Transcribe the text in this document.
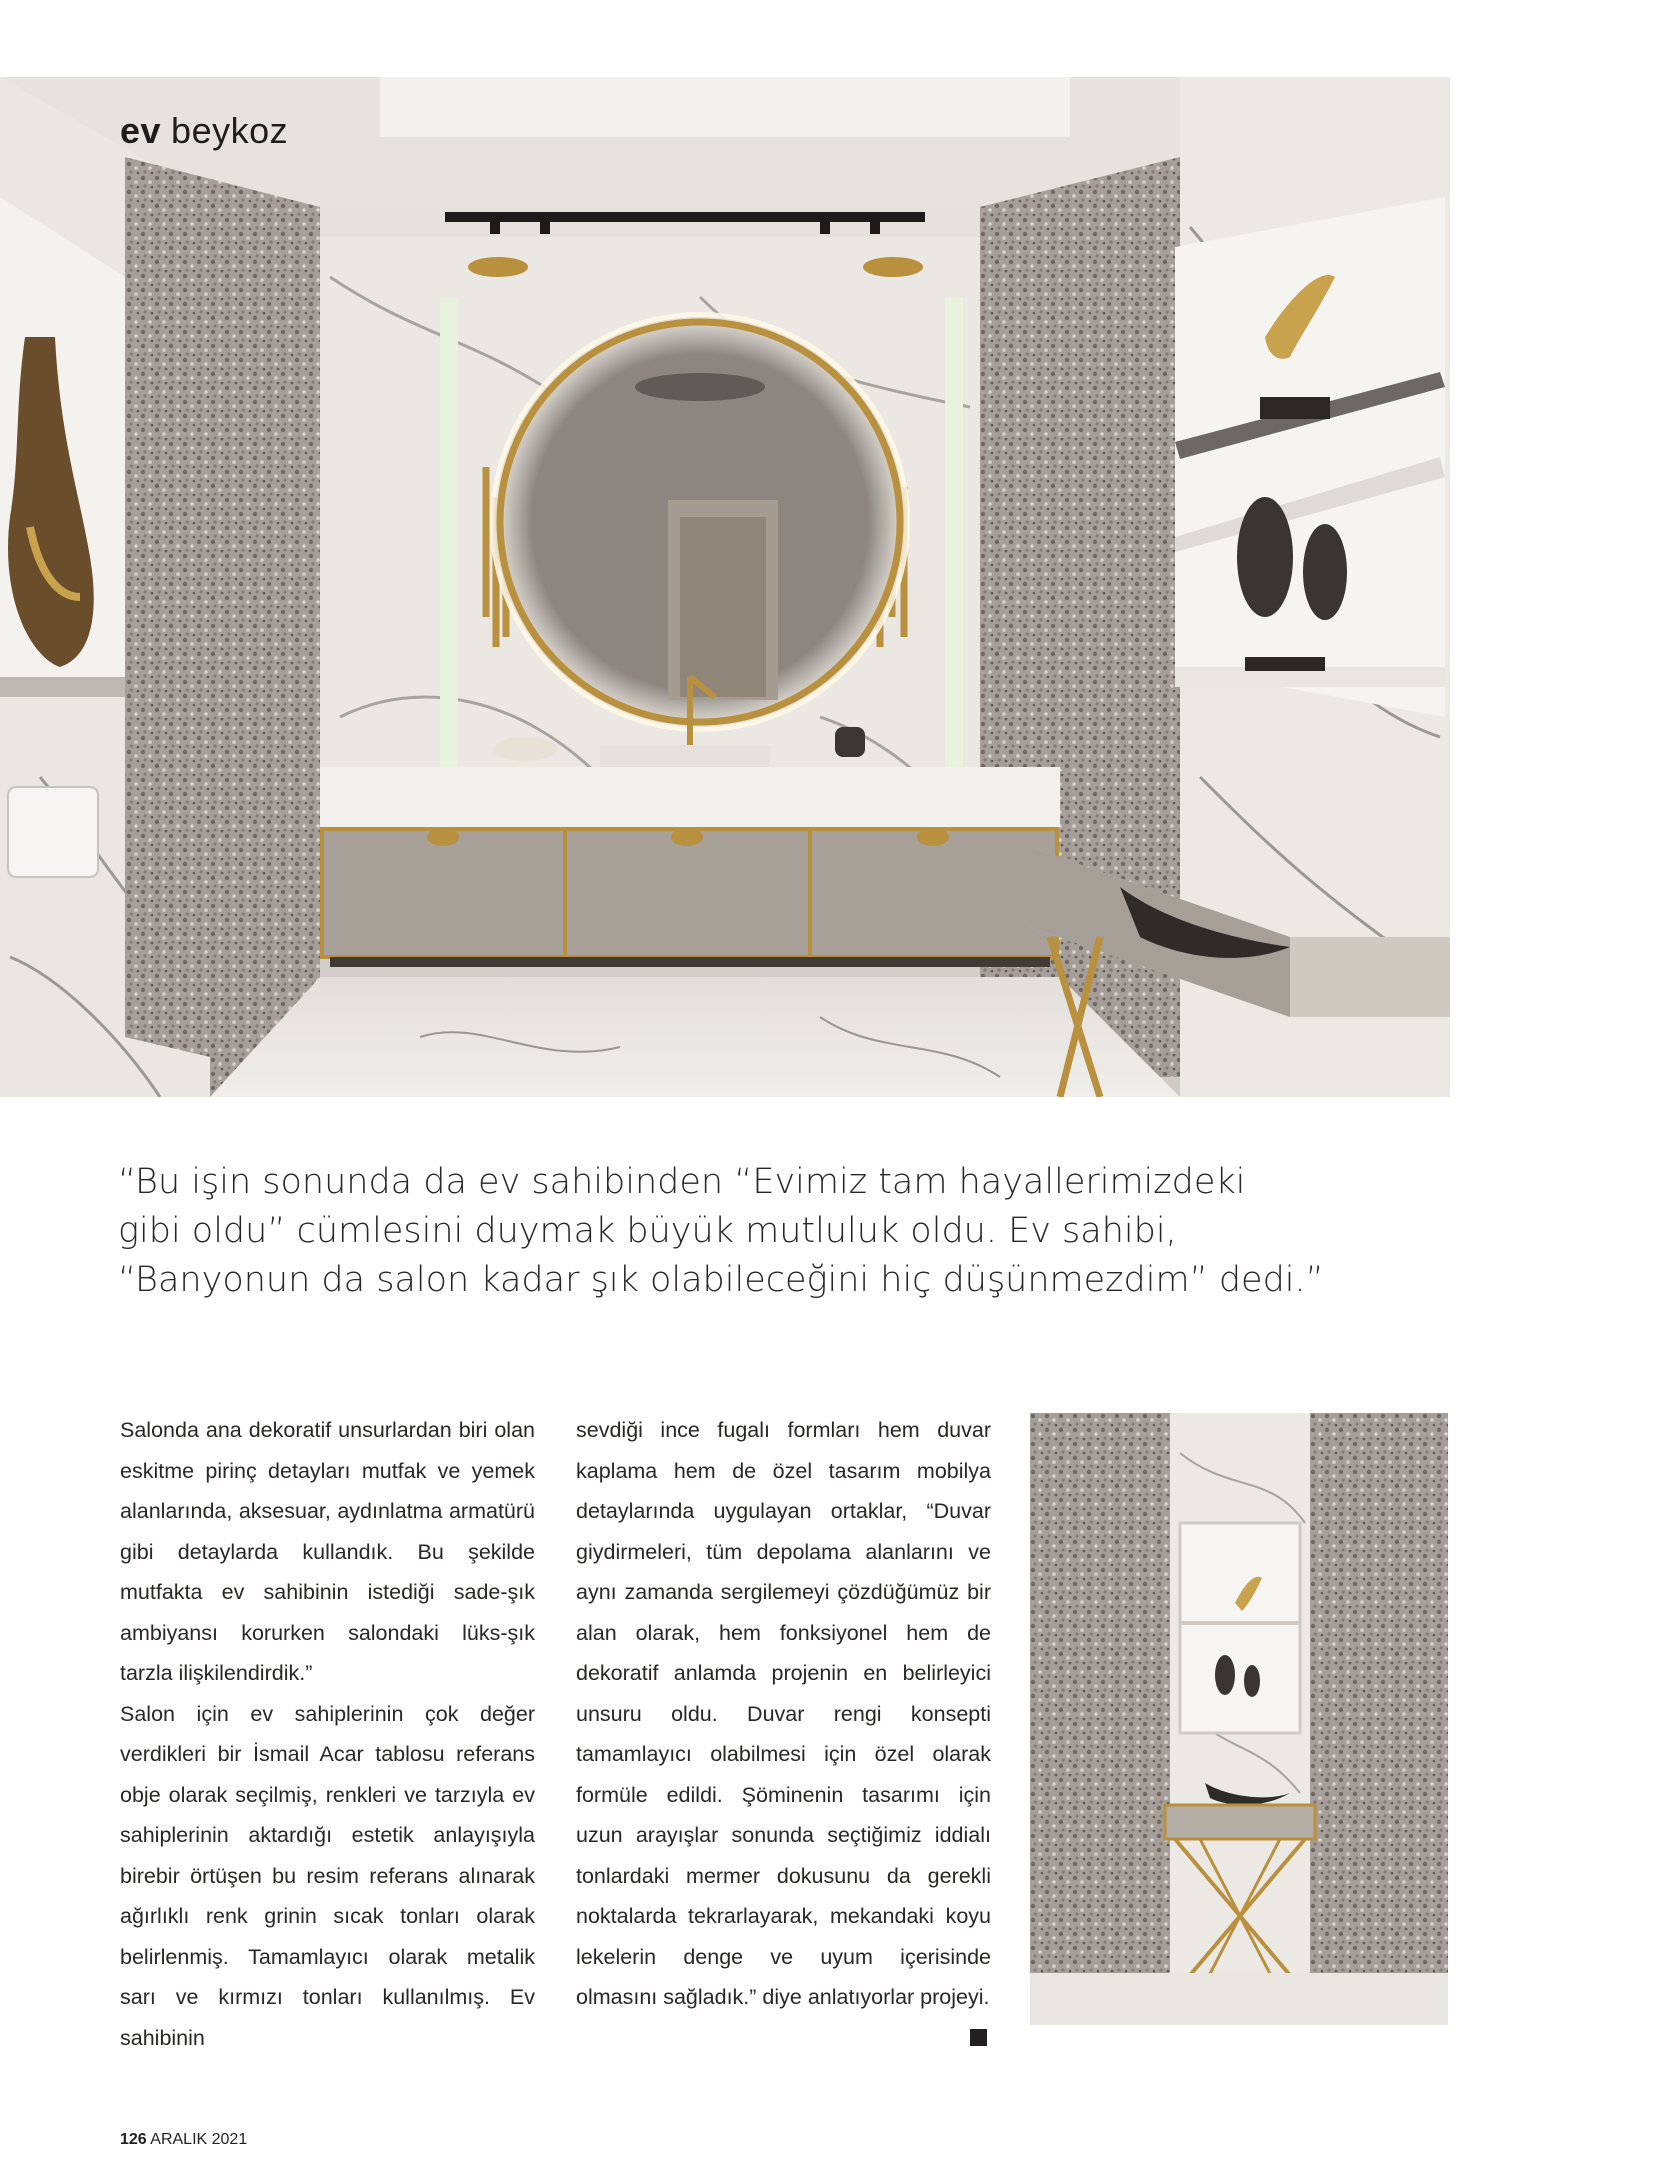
ev beykoz
“Bu işin sonunda da ev sahibinden “Evimiz tam hayallerimizdeki
gibi oldu” cümlesini duymak büyük mutluluk oldu. Ev sahibi,
“Banyonun da salon kadar şık olabileceğini hiç düşünmezdim” dedi.”

Salonda ana dekoratif unsurlardan biri olan eskitme pirinç detayları mutfak ve yemek alanlarında, aksesuar, aydınlatma armatürü gibi detaylarda kullandık. Bu şekilde mutfakta ev sahibinin istediği sade-şık ambiyansı korurken salondaki lüks-şık tarzla ilişkilendirdik.”

Salon için ev sahiplerinin çok değer verdikleri bir İsmail Acar tablosu referans obje olarak seçilmiş, renkleri ve tarzıyla ev sahiplerinin aktardığı estetik anlayışıyla birebir örtüşen bu resim referans alınarak ağırlıklı renk grinin sıcak tonları olarak belirlenmiş. Tamamlayıcı olarak metalik sarı ve kırmızı tonları kullanılmış. Ev sahibinin

sevdiği ince fugalı formları hem duvar kaplama hem de özel tasarım mobilya detaylarında uygulayan ortaklar, “Duvar giydirmeleri, tüm depolama alanlarını ve aynı zamanda sergilemeyi çözdüğümüz bir alan olarak, hem fonksiyonel hem de dekoratif anlamda projenin en belirleyici unsuru oldu. Duvar rengi konsepti tamamlayıcı olabilmesi için özel olarak formüle edildi. Şöminenin tasarımı için uzun arayışlar sonunda seçtiğimiz iddialı tonlardaki mermer dokusunu da gerekli noktalarda tekrarlayarak, mekandaki koyu lekelerin denge ve uyum içerisinde olmasını sağladık.” diye anlatıyorlar projeyi.

126 ARALIK 2021
